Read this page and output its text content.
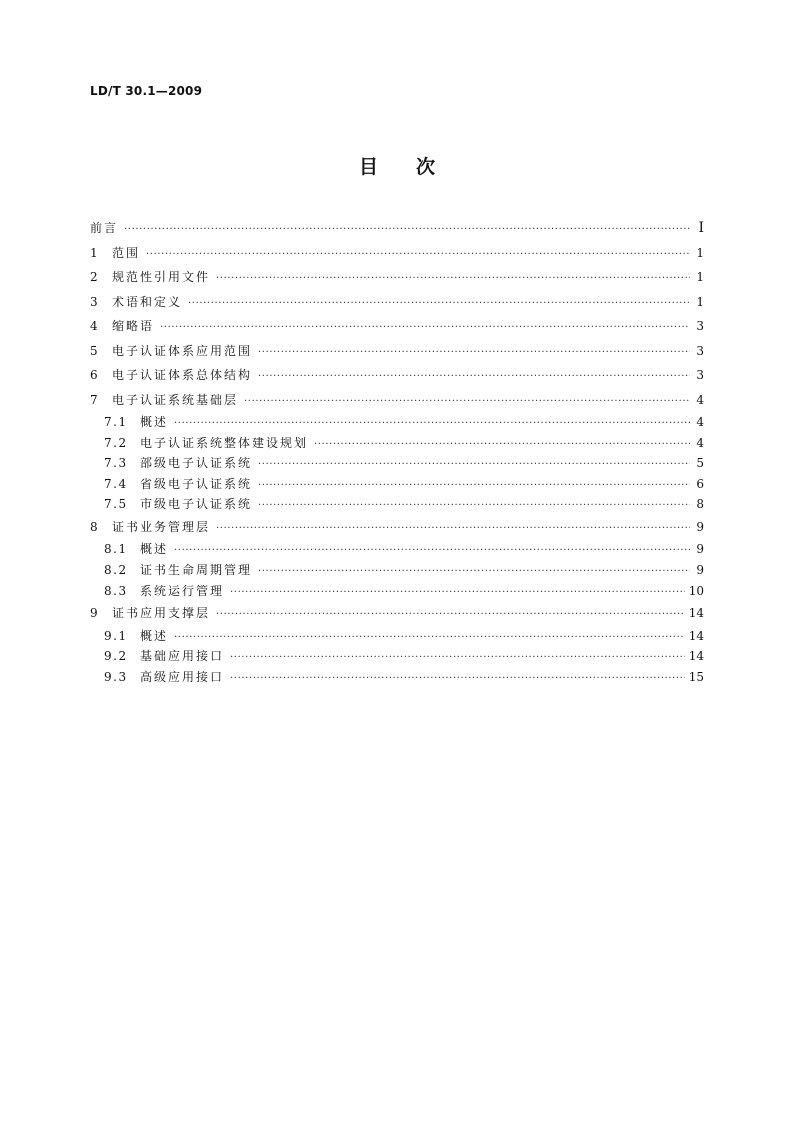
LD/T 30.1—2009
目次
前言 ·····	I
1	范围 ·····	1
2	规范性引用文件 ·····	1
3	术语和定义 ·····	1
4	缩略语 ·····	3
5	电子认证体系应用范围 ·····	3
6	电子认证体系总体结构 ·····	3
7	电子认证系统基础层 ·····	4
7.1	概述 ·····	4
7.2	电子认证系统整体建设规划 ·····	4
7.3	部级电子认证系统 ·····	5
7.4	省级电子认证系统 ·····	6
7.5	市级电子认证系统 ·····	8
8	证书业务管理层 ·····	9
8.1	概述 ·····	9
8.2	证书生命周期管理 ·····	9
8.3	系统运行管理 ·····	10
9	证书应用支撑层 ·····	14
9.1	概述 ·····	14
9.2	基础应用接口 ·····	14
9.3	高级应用接口 ·····	15
